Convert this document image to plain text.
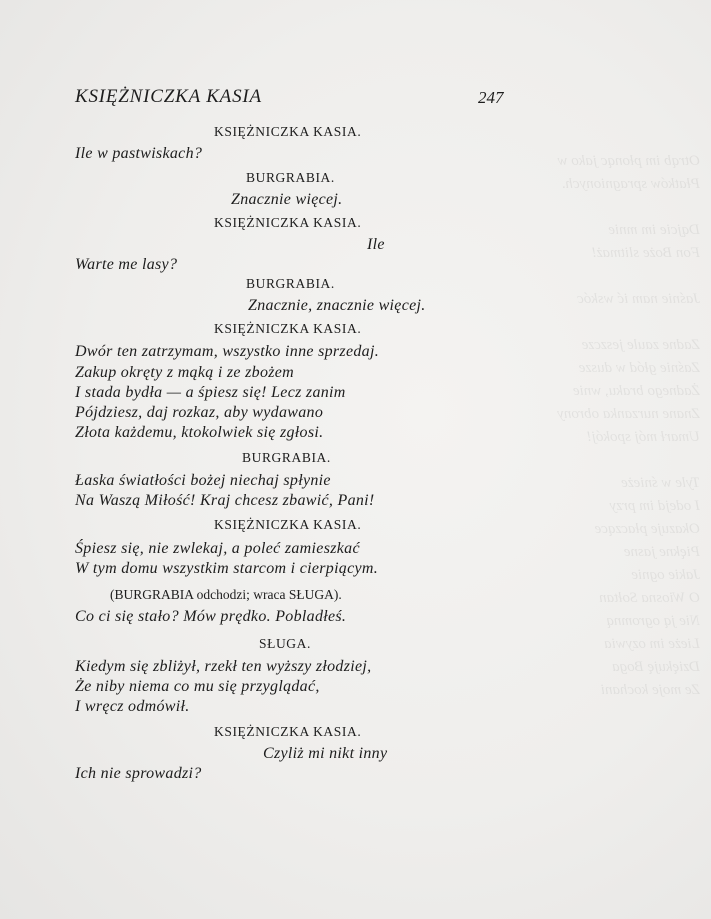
Otrąb im płonąc jako w
Płatków spragnionych.

Dąjcie im mnie
Fon Boże slitmaż!

Jaśnie nam ić wskóc

Zadne zaule jeszcze
Zaśnie głód w dusze
Żadnego braku, wnie
Znane nurzanka obrony
Umarł mój spokój!

Tyle w śnieże
I odejd im przy
Okazuje płaczące
Piękne jasne
Jakie ognie
O Wiosna Sołtan
Nie ją ogromną
Lieże im ozywia
Dziękuję Boga
Ze moje kochani
KSIĘŻNICZKA KASIA	247
KSIĘŻNICZKA KASIA.
Ile w pastwiskach?
BURGRABIA.
Znacznie więcej.
KSIĘŻNICZKA KASIA.
Ile
Warte me lasy?
BURGRABIA.
Znacznie, znacznie więcej.
KSIĘŻNICZKA KASIA.
Dwór ten zatrzymam, wszystko inne sprzedaj.
Zakup okręty z mąką i ze zbożem
I stada bydła — a śpiesz się! Lecz zanim
Pójdziesz, daj rozkaz, aby wydawano
Złota każdemu, ktokolwiek się zgłosi.
BURGRABIA.
Łaska światłości bożej niechaj spłynie
Na Waszą Miłość! Kraj chcesz zbawić, Pani!
KSIĘŻNICZKA KASIA.
Śpiesz się, nie zwlekaj, a poleć zamieszkać
W tym domu wszystkim starcom i cierpiącym.
(BURGRABIA odchodzi; wraca SŁUGA).
Co ci się stało? Mów prędko. Pobladłeś.
SŁUGA.
Kiedym się zbliżył, rzekł ten wyższy złodziej,
Że niby niema co mu się przyglądać,
I wręcz odmówił.
KSIĘŻNICZKA KASIA.
Czyliż mi nikt inny
Ich nie sprowadzi?
